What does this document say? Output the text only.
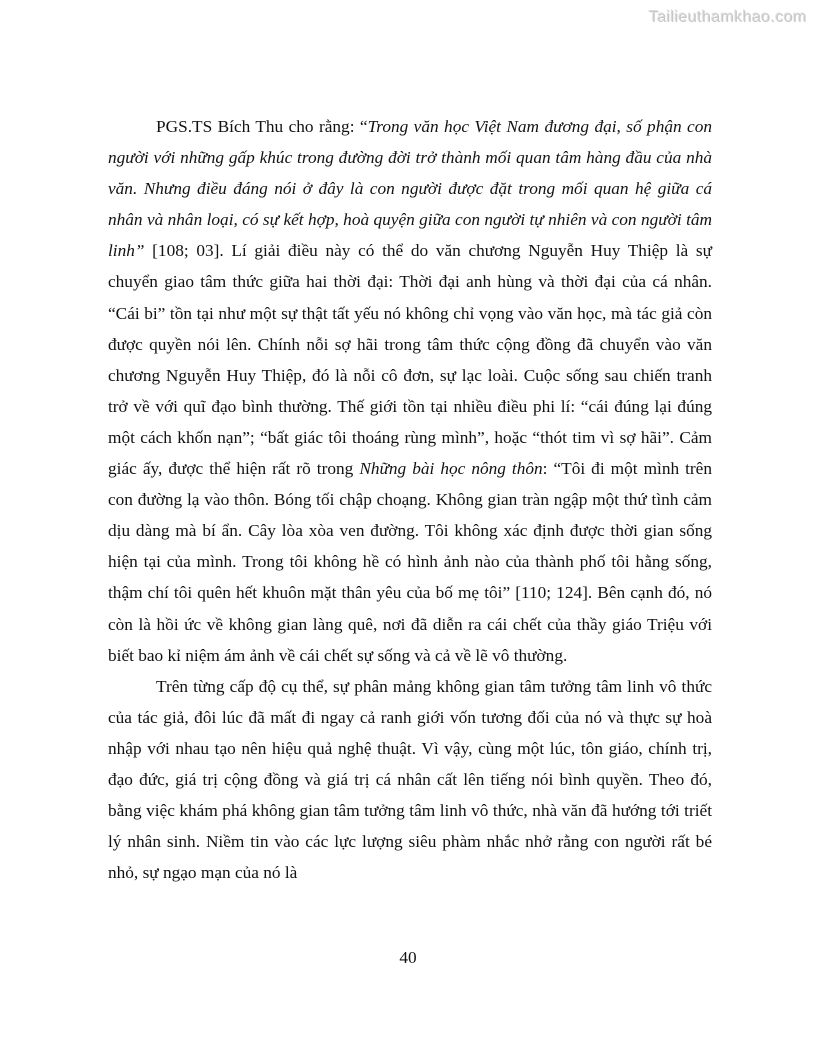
Tailieuthamkhao.com

PGS.TS Bích Thu cho rằng: “Trong văn học Việt Nam đương đại, số phận con người với những gấp khúc trong đường đời trở thành mối quan tâm hàng đầu của nhà văn. Nhưng điều đáng nói ở đây là con người được đặt trong mối quan hệ giữa cá nhân và nhân loại, có sự kết hợp, hoà quyện giữa con người tự nhiên và con người tâm linh” [108; 03]. Lí giải điều này có thể do văn chương Nguyễn Huy Thiệp là sự chuyển giao tâm thức giữa hai thời đại: Thời đại anh hùng và thời đại của cá nhân. “Cái bi” tồn tại như một sự thật tất yếu nó không chỉ vọng vào văn học, mà tác giả còn được quyền nói lên. Chính nỗi sợ hãi trong tâm thức cộng đồng đã chuyển vào văn chương Nguyễn Huy Thiệp, đó là nỗi cô đơn, sự lạc loài. Cuộc sống sau chiến tranh trở về với quĩ đạo bình thường. Thế giới tồn tại nhiều điều phi lí: “cái đúng lại đúng một cách khốn nạn”; “bất giác tôi thoáng rùng mình”, hoặc “thót tim vì sợ hãi”. Cảm giác ấy, được thể hiện rất rõ trong Những bài học nông thôn: “Tôi đi một mình trên con đường lạ vào thôn. Bóng tối chập choạng. Không gian tràn ngập một thứ tình cảm dịu dàng mà bí ẩn. Cây lòa xòa ven đường. Tôi không xác định được thời gian sống hiện tại của mình. Trong tôi không hề có hình ảnh nào của thành phố tôi hằng sống, thậm chí tôi quên hết khuôn mặt thân yêu của bố mẹ tôi” [110; 124]. Bên cạnh đó, nó còn là hồi ức về không gian làng quê, nơi đã diễn ra cái chết của thầy giáo Triệu với biết bao kỉ niệm ám ảnh về cái chết sự sống và cả về lẽ vô thường.

Trên từng cấp độ cụ thể, sự phân mảng không gian tâm tưởng tâm linh vô thức của tác giả, đôi lúc đã mất đi ngay cả ranh giới vốn tương đối của nó và thực sự hoà nhập với nhau tạo nên hiệu quả nghệ thuật. Vì vậy, cùng một lúc, tôn giáo, chính trị, đạo đức, giá trị cộng đồng và giá trị cá nhân cất lên tiếng nói bình quyền. Theo đó, bằng việc khám phá không gian tâm tưởng tâm linh vô thức, nhà văn đã hướng tới triết lý nhân sinh. Niềm tin vào các lực lượng siêu phàm nhắc nhở rằng con người rất bé nhỏ, sự ngạo mạn của nó là

40
